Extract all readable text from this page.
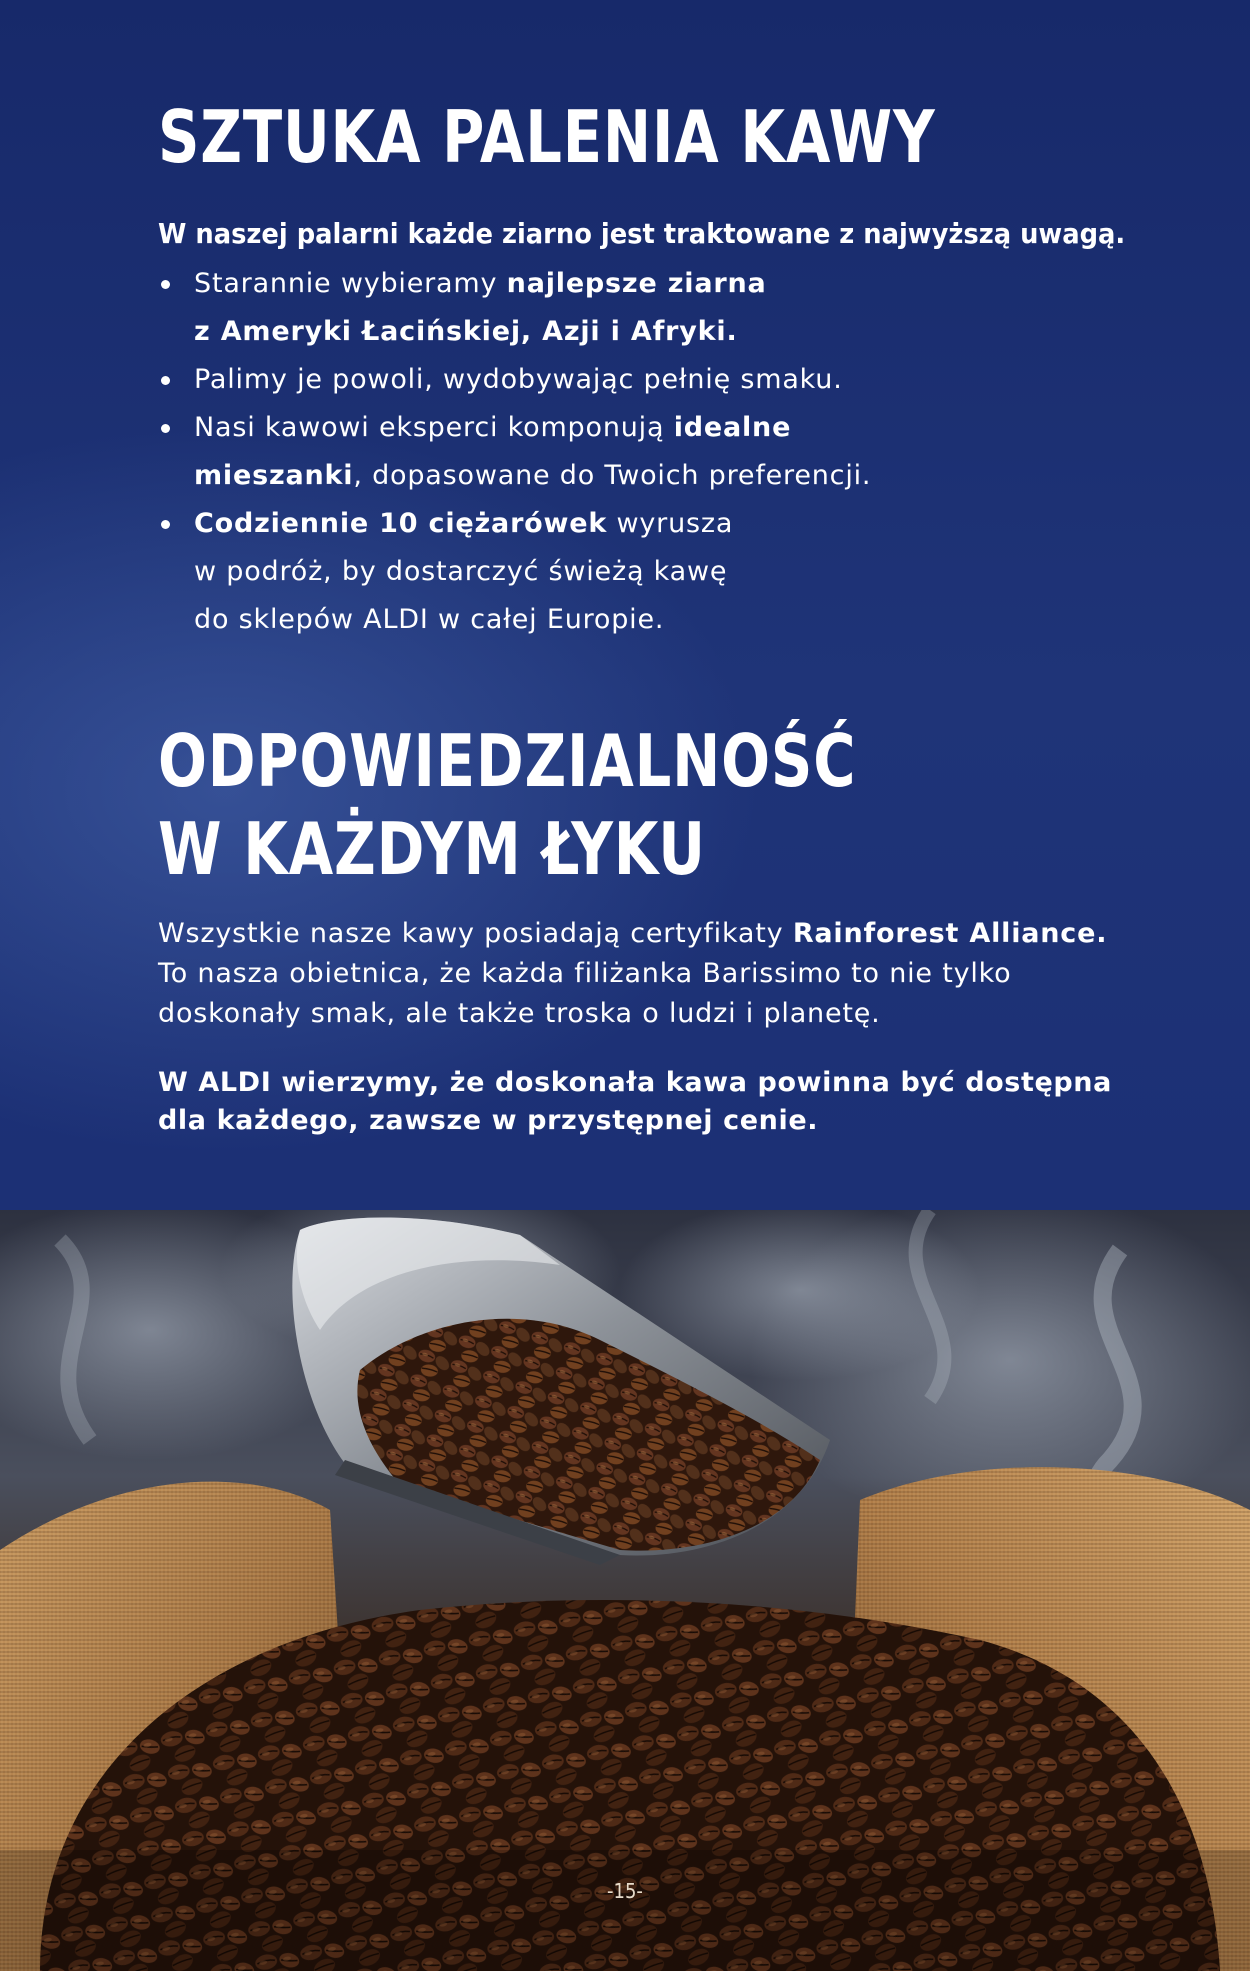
SZTUKA PALENIA KAWY

W naszej palarni każde ziarno jest traktowane z najwyższą uwagą.

Starannie wybieramy najlepsze ziarna
z Ameryki Łacińskiej, Azji i Afryki.
Palimy je powoli, wydobywając pełnię smaku.
Nasi kawowi eksperci komponują idealne
mieszanki, dopasowane do Twoich preferencji.
Codziennie 10 ciężarówek wyrusza
w podróż, by dostarczyć świeżą kawę
do sklepów ALDI w całej Europie.
ODPOWIEDZIALNOŚĆ
W KAŻDYM ŁYKU

Wszystkie nasze kawy posiadają certyfikaty Rainforest Alliance.
To nasza obietnica, że każda filiżanka Barissimo to nie tylko
doskonały smak, ale także troska o ludzi i planetę.

W ALDI wierzymy, że doskonała kawa powinna być dostępna
dla każdego, zawsze w przystępnej cenie.

-15-
